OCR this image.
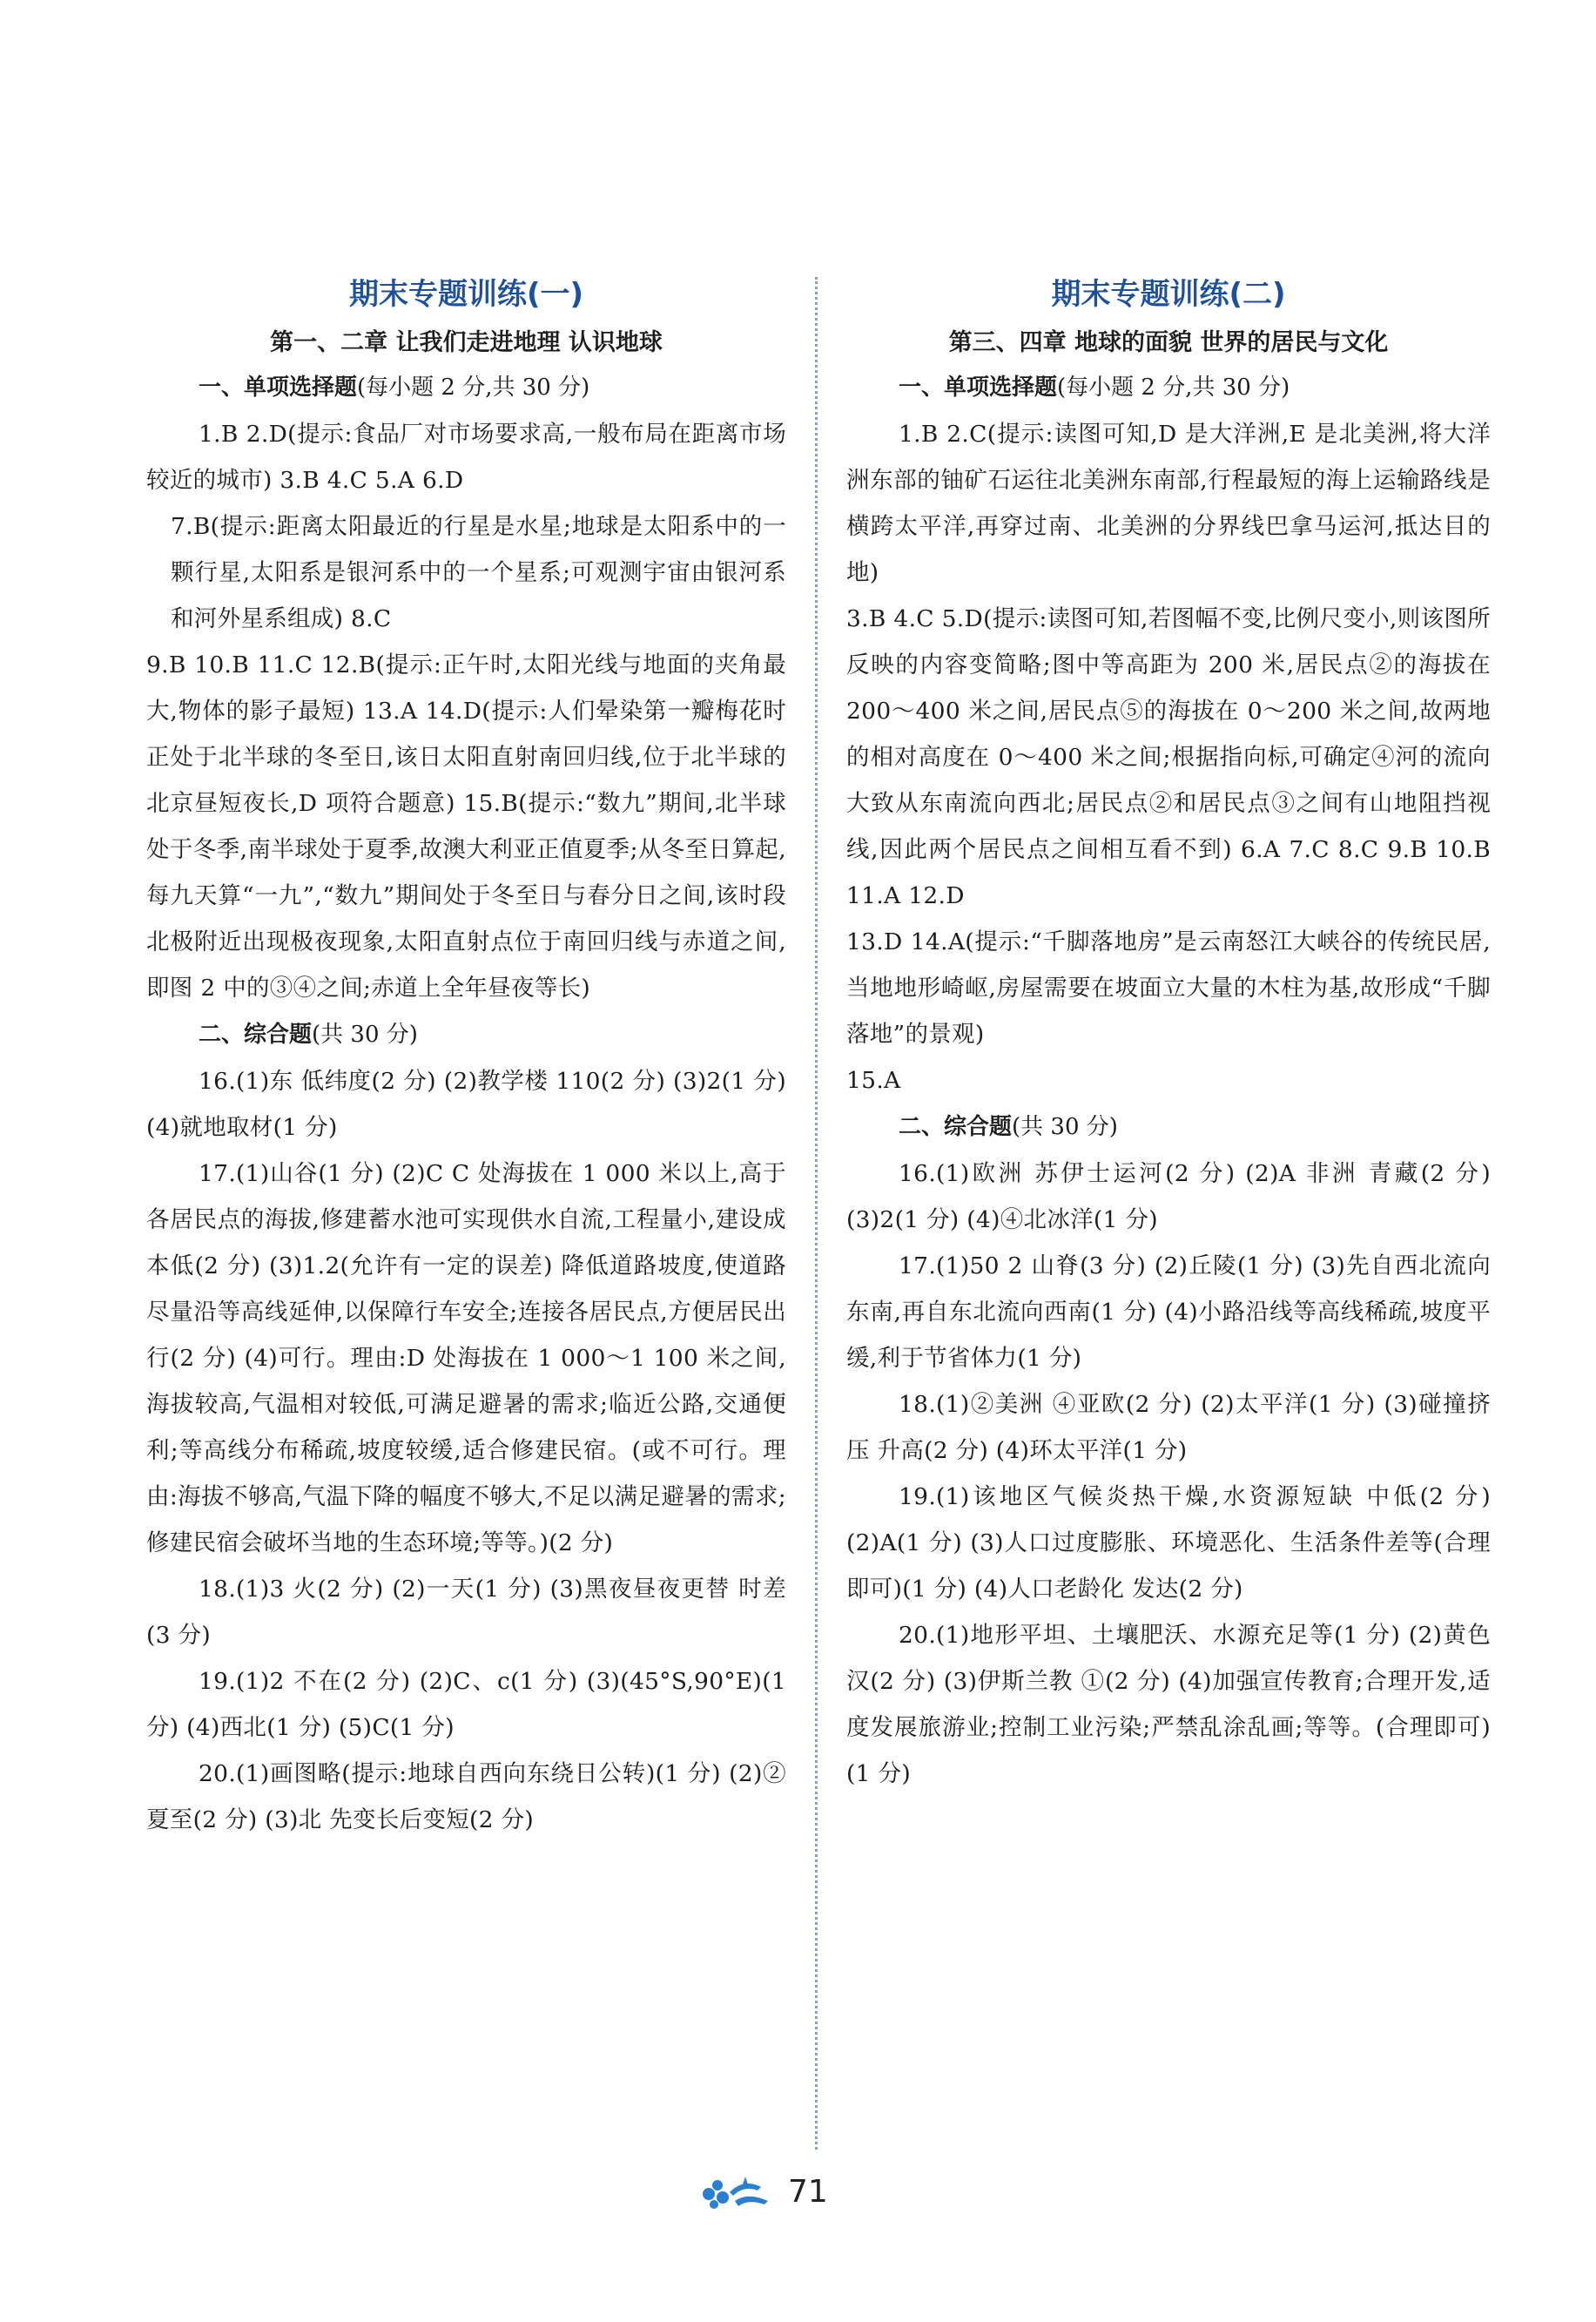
期末专题训练(一)
第一、二章 让我们走进地理 认识地球

一、单项选择题(每小题 2 分,共 30 分)

1.B 2.D(提示:食品厂对市场要求高,一般布局在距离市场较近的城市) 3.B 4.C 5.A 6.D

7.B(提示:距离太阳最近的行星是水星;地球是太阳系中的一颗行星,太阳系是银河系中的一个星系;可观测宇宙由银河系和河外星系组成) 8.C

9.B 10.B 11.C 12.B(提示:正午时,太阳光线与地面的夹角最大,物体的影子最短) 13.A 14.D(提示:人们晕染第一瓣梅花时正处于北半球的冬至日,该日太阳直射南回归线,位于北半球的北京昼短夜长,D 项符合题意) 15.B(提示:“数九”期间,北半球处于冬季,南半球处于夏季,故澳大利亚正值夏季;从冬至日算起,每九天算“一九”,“数九”期间处于冬至日与春分日之间,该时段北极附近出现极夜现象,太阳直射点位于南回归线与赤道之间,即图 2 中的③④之间;赤道上全年昼夜等长)

二、综合题(共 30 分)

16.(1)东 低纬度(2 分) (2)教学楼 110(2 分) (3)2(1 分) (4)就地取材(1 分)

17.(1)山谷(1 分) (2)C C 处海拔在 1 000 米以上,高于各居民点的海拔,修建蓄水池可实现供水自流,工程量小,建设成本低(2 分) (3)1.2(允许有一定的误差) 降低道路坡度,使道路尽量沿等高线延伸,以保障行车安全;连接各居民点,方便居民出行(2 分) (4)可行。理由:D 处海拔在 1 000～1 100 米之间,海拔较高,气温相对较低,可满足避暑的需求;临近公路,交通便利;等高线分布稀疏,坡度较缓,适合修建民宿。(或不可行。理由:海拔不够高,气温下降的幅度不够大,不足以满足避暑的需求;修建民宿会破坏当地的生态环境;等等。)(2 分)

18.(1)3 火(2 分) (2)一天(1 分) (3)黑夜昼夜更替 时差(3 分)

19.(1)2 不在(2 分) (2)C、c(1 分) (3)(45°S,90°E)(1 分) (4)西北(1 分) (5)C(1 分)

20.(1)画图略(提示:地球自西向东绕日公转)(1 分) (2)② 夏至(2 分) (3)北 先变长后变短(2 分)

期末专题训练(二)
第三、四章 地球的面貌 世界的居民与文化

一、单项选择题(每小题 2 分,共 30 分)

1.B 2.C(提示:读图可知,D 是大洋洲,E 是北美洲,将大洋洲东部的铀矿石运往北美洲东南部,行程最短的海上运输路线是横跨太平洋,再穿过南、北美洲的分界线巴拿马运河,抵达目的地)

3.B 4.C 5.D(提示:读图可知,若图幅不变,比例尺变小,则该图所反映的内容变简略;图中等高距为 200 米,居民点②的海拔在 200～400 米之间,居民点⑤的海拔在 0～200 米之间,故两地的相对高度在 0～400 米之间;根据指向标,可确定④河的流向大致从东南流向西北;居民点②和居民点③之间有山地阻挡视线,因此两个居民点之间相互看不到) 6.A 7.C 8.C 9.B 10.B 11.A 12.D

13.D 14.A(提示:“千脚落地房”是云南怒江大峡谷的传统民居,当地地形崎岖,房屋需要在坡面立大量的木柱为基,故形成“千脚落地”的景观)

15.A

二、综合题(共 30 分)

16.(1)欧洲 苏伊士运河(2 分) (2)A 非洲 青藏(2 分) (3)2(1 分) (4)④北冰洋(1 分)

17.(1)50 2 山脊(3 分) (2)丘陵(1 分) (3)先自西北流向东南,再自东北流向西南(1 分) (4)小路沿线等高线稀疏,坡度平缓,利于节省体力(1 分)

18.(1)②美洲 ④亚欧(2 分) (2)太平洋(1 分) (3)碰撞挤压 升高(2 分) (4)环太平洋(1 分)

19.(1)该地区气候炎热干燥,水资源短缺 中低(2 分) (2)A(1 分) (3)人口过度膨胀、环境恶化、生活条件差等(合理即可)(1 分) (4)人口老龄化 发达(2 分)

20.(1)地形平坦、土壤肥沃、水源充足等(1 分) (2)黄色 汉(2 分) (3)伊斯兰教 ①(2 分) (4)加强宣传教育;合理开发,适度发展旅游业;控制工业污染;严禁乱涂乱画;等等。(合理即可)(1 分)

71
